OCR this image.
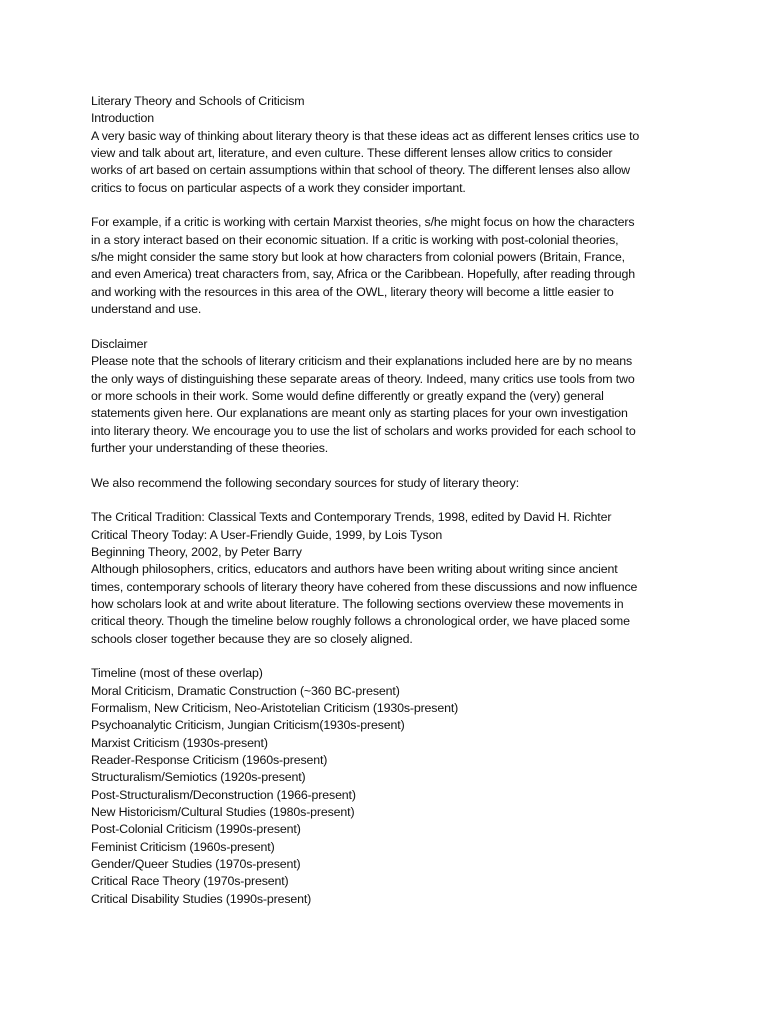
Literary Theory and Schools of Criticism
Introduction

A very basic way of thinking about literary theory is that these ideas act as different lenses critics use to
view and talk about art, literature, and even culture. These different lenses allow critics to consider
works of art based on certain assumptions within that school of theory. The different lenses also allow
critics to focus on particular aspects of a work they consider important.

For example, if a critic is working with certain Marxist theories, s/he might focus on how the characters
in a story interact based on their economic situation. If a critic is working with post-colonial theories,
s/he might consider the same story but look at how characters from colonial powers (Britain, France,
and even America) treat characters from, say, Africa or the Caribbean. Hopefully, after reading through
and working with the resources in this area of the OWL, literary theory will become a little easier to
understand and use.

Disclaimer

Please note that the schools of literary criticism and their explanations included here are by no means
the only ways of distinguishing these separate areas of theory. Indeed, many critics use tools from two
or more schools in their work. Some would define differently or greatly expand the (very) general
statements given here. Our explanations are meant only as starting places for your own investigation
into literary theory. We encourage you to use the list of scholars and works provided for each school to
further your understanding of these theories.

We also recommend the following secondary sources for study of literary theory:
The Critical Tradition: Classical Texts and Contemporary Trends, 1998, edited by David H. Richter
Critical Theory Today: A User-Friendly Guide, 1999, by Lois Tyson
Beginning Theory, 2002, by Peter Barry

Although philosophers, critics, educators and authors have been writing about writing since ancient
times, contemporary schools of literary theory have cohered from these discussions and now influence
how scholars look at and write about literature. The following sections overview these movements in
critical theory. Though the timeline below roughly follows a chronological order, we have placed some
schools closer together because they are so closely aligned.

Timeline (most of these overlap)
Moral Criticism, Dramatic Construction (~360 BC-present)
Formalism, New Criticism, Neo-Aristotelian Criticism (1930s-present)
Psychoanalytic Criticism, Jungian Criticism(1930s-present)
Marxist Criticism (1930s-present)
Reader-Response Criticism (1960s-present)
Structuralism/Semiotics (1920s-present)
Post-Structuralism/Deconstruction (1966-present)
New Historicism/Cultural Studies (1980s-present)
Post-Colonial Criticism (1990s-present)
Feminist Criticism (1960s-present)
Gender/Queer Studies (1970s-present)
Critical Race Theory (1970s-present)
Critical Disability Studies (1990s-present)
